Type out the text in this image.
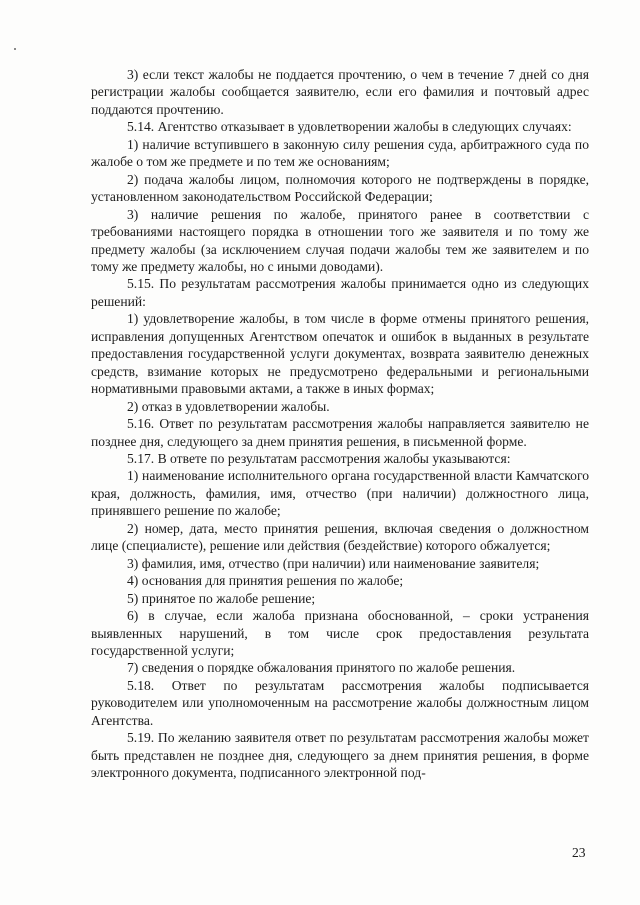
3) если текст жалобы не поддается прочтению, о чем в течение 7 дней со дня регистрации жалобы сообщается заявителю, если его фамилия и почтовый адрес поддаются прочтению.

5.14. Агентство отказывает в удовлетворении жалобы в следующих случаях:

1) наличие вступившего в законную силу решения суда, арбитражного суда по жалобе о том же предмете и по тем же основаниям;

2) подача жалобы лицом, полномочия которого не подтверждены в порядке, установленном законодательством Российской Федерации;

3) наличие решения по жалобе, принятого ранее в соответствии с требованиями настоящего порядка в отношении того же заявителя и по тому же предмету жалобы (за исключением случая подачи жалобы тем же заявителем и по тому же предмету жалобы, но с иными доводами).

5.15. По результатам рассмотрения жалобы принимается одно из следующих решений:

1) удовлетворение жалобы, в том числе в форме отмены принятого решения, исправления допущенных Агентством опечаток и ошибок в выданных в результате предоставления государственной услуги документах, возврата заявителю денежных средств, взимание которых не предусмотрено федеральными и региональными нормативными правовыми актами, а также в иных формах;

2) отказ в удовлетворении жалобы.

5.16. Ответ по результатам рассмотрения жалобы направляется заявителю не позднее дня, следующего за днем принятия решения, в письменной форме.

5.17. В ответе по результатам рассмотрения жалобы указываются:

1) наименование исполнительного органа государственной власти Камчатского края, должность, фамилия, имя, отчество (при наличии) должностного лица, принявшего решение по жалобе;

2) номер, дата, место принятия решения, включая сведения о должностном лице (специалисте), решение или действия (бездействие) которого обжалуется;

3) фамилия, имя, отчество (при наличии) или наименование заявителя;

4) основания для принятия решения по жалобе;

5) принятое по жалобе решение;

6) в случае, если жалоба признана обоснованной, – сроки устранения выявленных нарушений, в том числе срок предоставления результата государственной услуги;

7) сведения о порядке обжалования принятого по жалобе решения.

5.18. Ответ по результатам рассмотрения жалобы подписывается руководителем или уполномоченным на рассмотрение жалобы должностным лицом Агентства.

5.19. По желанию заявителя ответ по результатам рассмотрения жалобы может быть представлен не позднее дня, следующего за днем принятия решения, в форме электронного документа, подписанного электронной под-

23
